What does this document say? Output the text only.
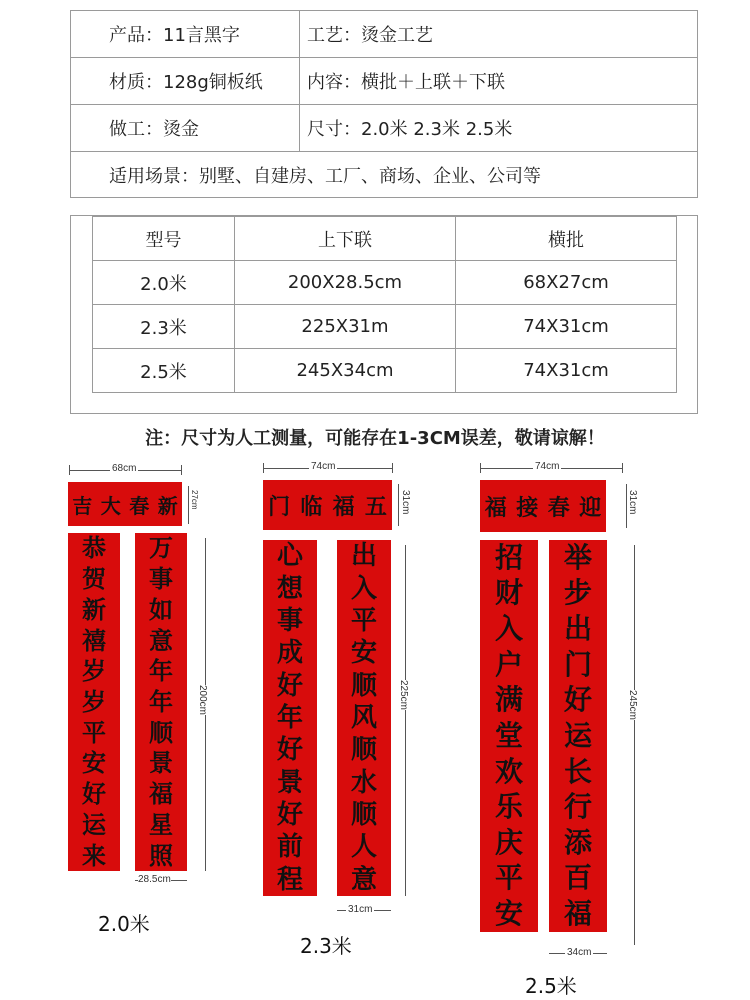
产品：11言黑字	工艺：烫金工艺
材质：128g铜板纸 内容：横批＋上联＋下联
做工：烫金	尺寸：2.0米 2.3米 2.5米
适用场景：别墅、自建房、工厂、商场、企业、公司等
型号	上下联	横批
2.0米	200X28.5cm	68X27cm
2.3米	225X31m	74X31cm
2.5米	245X34cm	74X31cm
注：尺寸为人工测量，可能存在1-3CM误差，敬请谅解！
68cm
吉 大 春 新 27cm
恭
贺
新
禧
岁
岁
平
安
好
运
来
万
事
如
意
年
年
顺
景
福
星
照
200cm
28.5cm
2.0米
74cm
门 临 福 五 31cm
心
想
事
成
好
年
好
景
好
前
程
出
入
平
安
顺
风
顺
水
顺
人
意
225cm
31cm
2.3米
74cm
福 接 春 迎	31cm
招
财
入
户
满
堂
欢
乐
庆
平
安
举
步
出
门
好
运
长
行
添
百
福
245cm
34cm
2.5米
